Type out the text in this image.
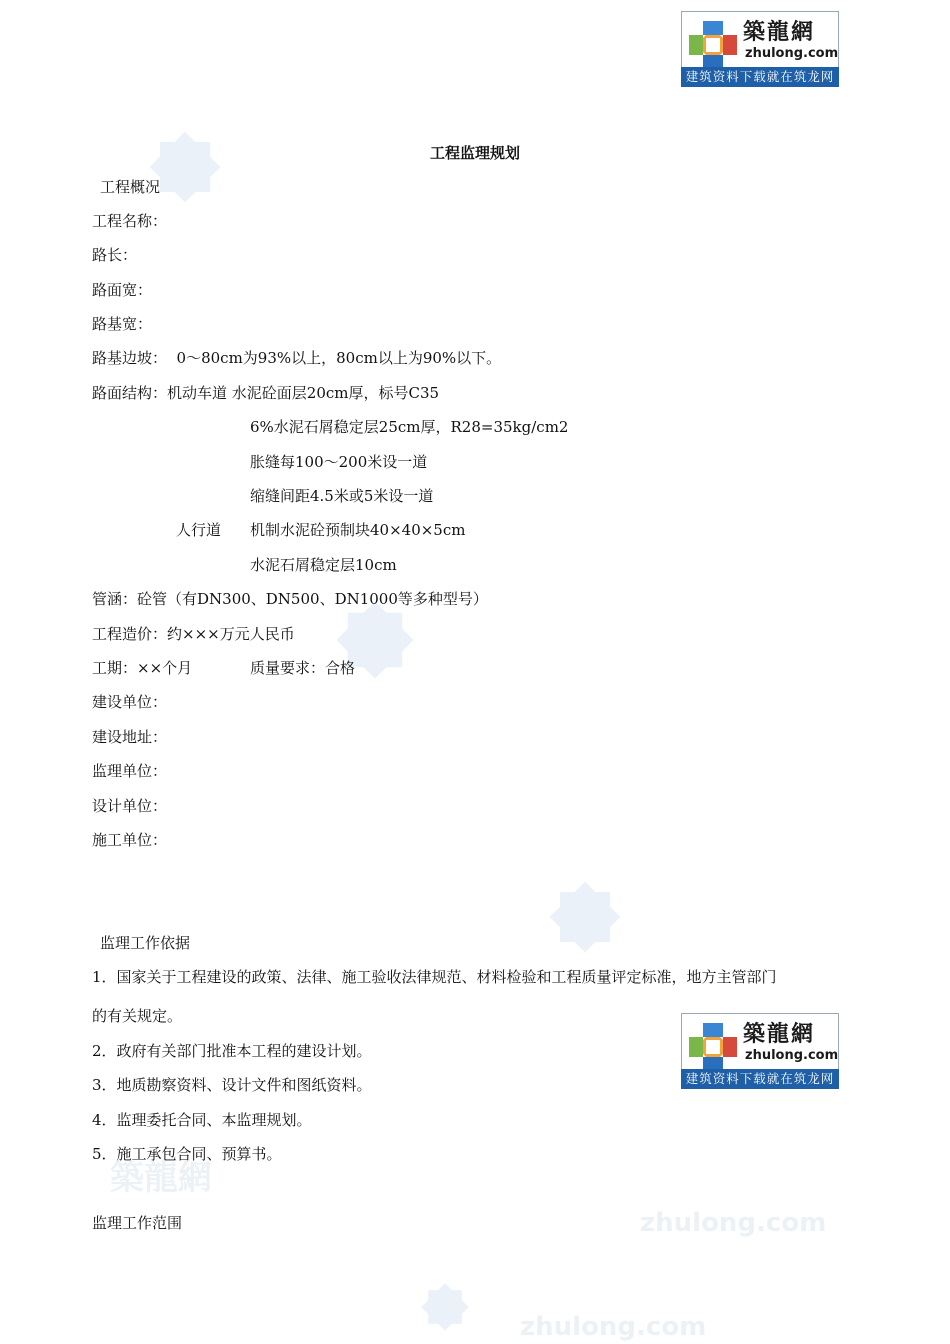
zhulong.com
zhulong.com
築龍網
築龍網
zhulong.com
建筑资料下载就在筑龙网
築龍網
zhulong.com
建筑资料下载就在筑龙网
工程监理规划
工程概况
工程名称：
路长：
路面宽：
路基宽：
路基边坡：  0～80cm为93%以上，80cm以上为90%以下。
路面结构：机动车道 水泥砼面层20cm厚，标号C35
6%水泥石屑稳定层25cm厚，R28=35kg/cm2
胀缝每100～200米设一道
缩缝间距4.5米或5米设一道
人行道 机制水泥砼预制块40×40×5cm
水泥石屑稳定层10cm
管涵：砼管（有DN300、DN500、DN1000等多种型号）
工程造价：约×××万元人民币
工期：××个月	质量要求：合格
建设单位：
建设地址：
监理单位：
设计单位：
施工单位：
监理工作依据
1．国家关于工程建设的政策、法律、施工验收法律规范、材料检验和工程质量评定标准，地方主管部门
的有关规定。
2．政府有关部门批准本工程的建设计划。
3．地质勘察资料、设计文件和图纸资料。
4．监理委托合同、本监理规划。
5．施工承包合同、预算书。
监理工作范围
